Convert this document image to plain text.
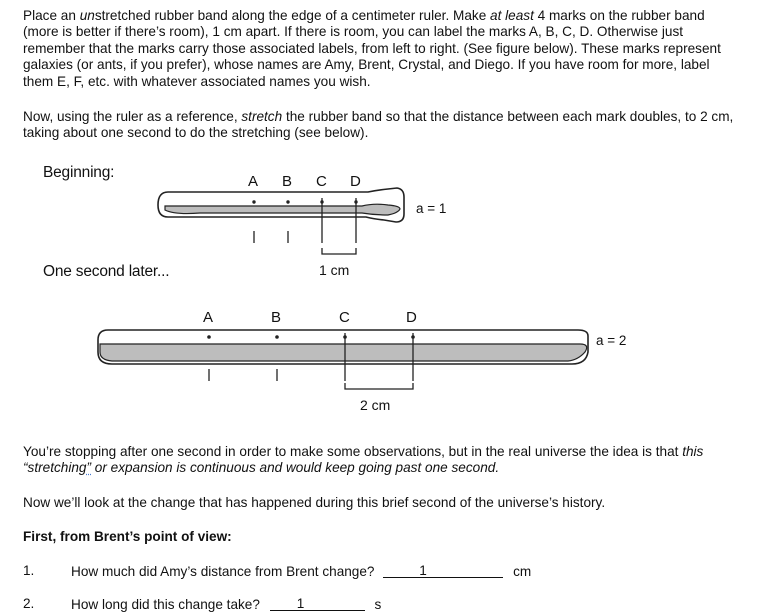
Place an unstretched rubber band along the edge of a centimeter ruler. Make at least 4 marks on the rubber band (more is better if there’s room), 1 cm apart. If there is room, you can label the marks A, B, C, D. Otherwise just remember that the marks carry those associated labels, from left to right. (See figure below). These marks represent galaxies (or ants, if you prefer), whose names are Amy, Brent, Crystal, and Diego. If you have room for more, label them E, F, etc. with whatever associated names you wish.

Now, using the ruler as a reference, stretch the rubber band so that the distance between each mark doubles, to 2 cm, taking about one second to do the stretching (see below).

Beginning:
One second later...
A B C D
a = 1
1 cm
A	B	C	D
a = 2
2 cm

You’re stopping after one second in order to make some observations, but in the real universe the idea is that this “stretching” or expansion is continuous and would keep going past one second.

Now we’ll look at the change that has happened during this brief second of the universe’s history.

First, from Brent’s point of view:

1.	How much did Amy’s distance from Brent change?	1	cm
2.	How long did this change take?	1	s
